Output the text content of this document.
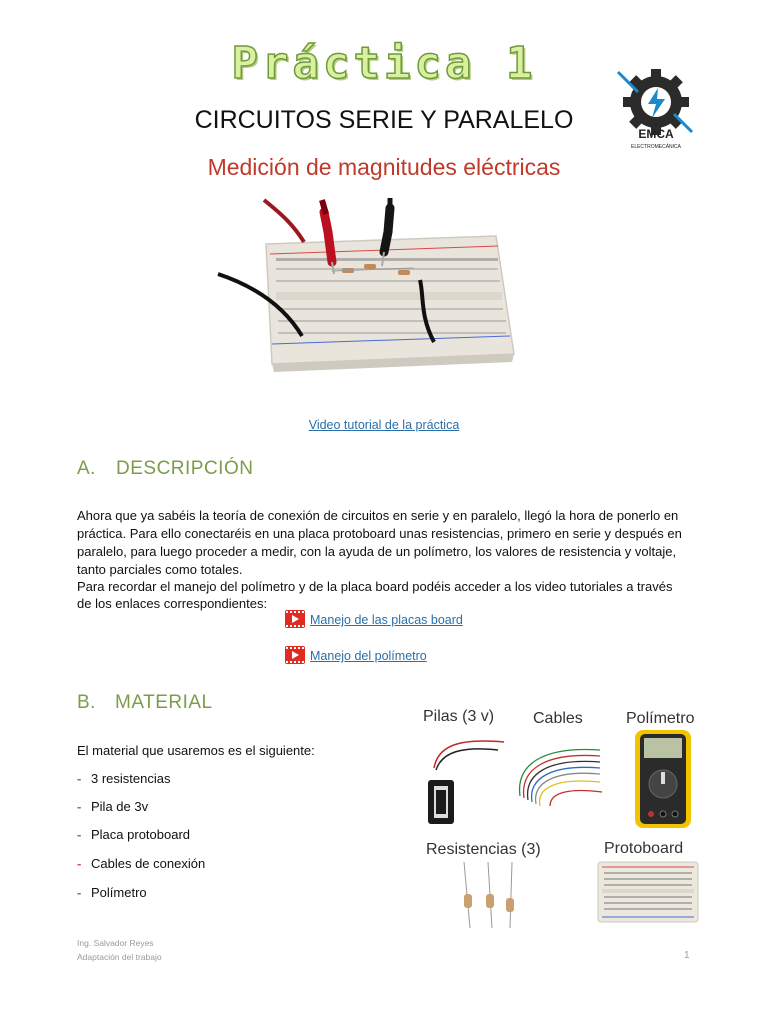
Práctica 1
CIRCUITOS SERIE Y PARALELO
Medición de magnitudes eléctricas
EMCA
ELECTROMECÁNICA
Video tutorial de la práctica
A. DESCRIPCIÓN
Ahora que ya sabéis la teoría de conexión de circuitos en serie y en paralelo, llegó la hora de ponerlo en práctica. Para ello conectaréis en una placa protoboard unas resistencias, primero en serie y después en paralelo, para luego proceder a medir, con la ayuda de un polímetro, los valores de resistencia y voltaje, tanto parciales como totales.
Para recordar el manejo del polímetro y de la placa board podéis acceder a los video tutoriales a través de los enlaces correspondientes:
Manejo de las placas board
Manejo del polímetro
B. MATERIAL
El material que usaremos es el siguiente:
- 3 resistencias
- Pila de 3v
- Placa protoboard
- Cables de conexión
- Polímetro
Pilas (3 v) Cables	Polímetro
Resistencias (3)	Protoboard
Ing. Salvador Reyes
Adaptación del trabajo	1
